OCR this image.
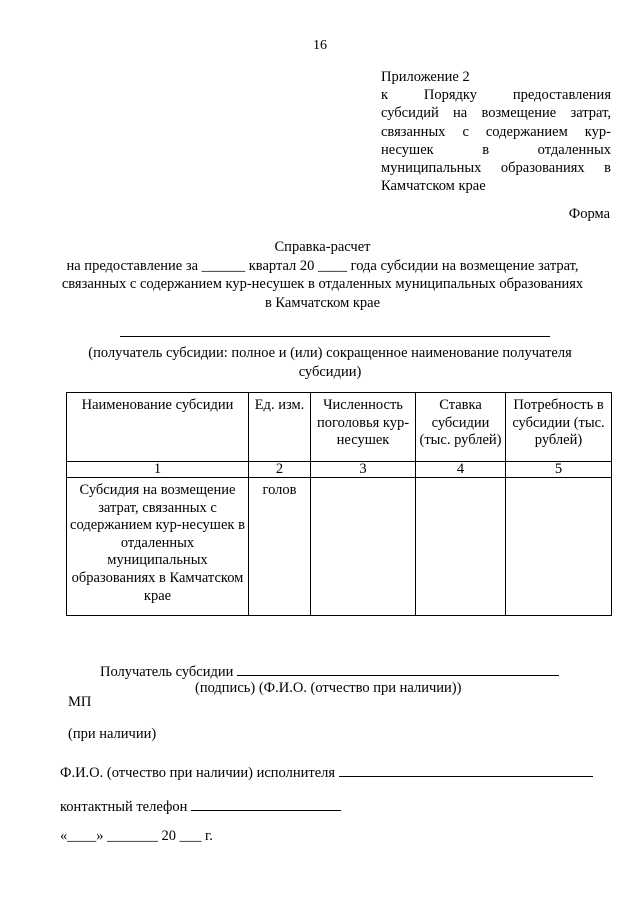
16
Приложение 2
к Порядку предоставления
субсидий на возмещение затрат,
связанных с содержанием кур-
несушек	в	отдаленных
муниципальных образованиях в
Камчатском крае
Форма
Справка-расчет
на предоставление за ______ квартал 20 ____ года субсидии на возмещение затрат,
связанных с содержанием кур-несушек в отдаленных муниципальных образованиях
в Камчатском крае
(получатель субсидии: полное и (или) сокращенное наименование получателя
субсидии)
Наименование субсидии	Ед. изм.	Численность поголовья кур-несушек	Ставка субсидии (тыс. рублей)	Потребность в субсидии (тыс. рублей)
1	2	3	4	5
Субсидия на возмещение затрат, связанных с содержанием кур-несушек в отдаленных муниципальных образованиях в Камчатском крае	голов			
Получатель субсидии
(подпись) (Ф.И.О. (отчество при наличии))
МП
(при наличии)
Ф.И.О. (отчество при наличии) исполнителя
контактный телефон
«____» _______ 20 ___ г.
